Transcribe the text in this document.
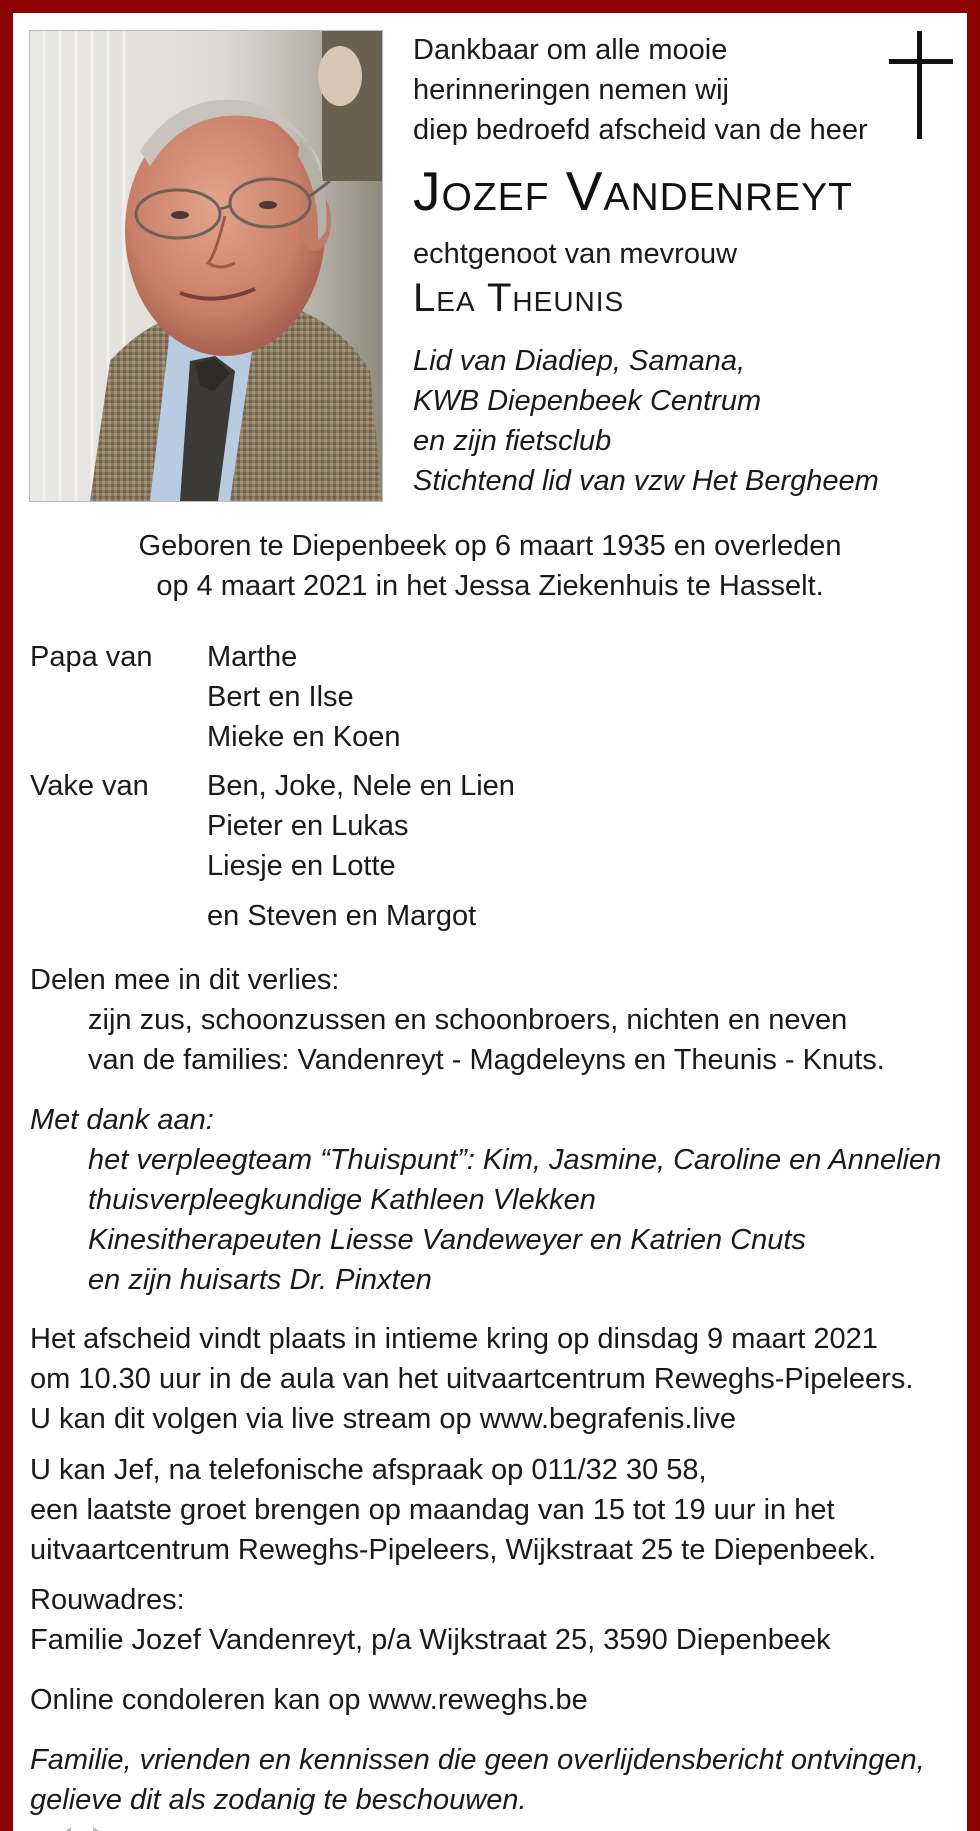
Dankbaar om alle mooie
herinneringen nemen wij
diep bedroefd afscheid van de heer
Jozef Vandenreyt
echtgenoot van mevrouw
Lea Theunis
Lid van Diadiep, Samana,
KWB Diepenbeek Centrum
en zijn fietsclub
Stichtend lid van vzw Het Bergheem
Geboren te Diepenbeek op 6 maart 1935 en overleden
op 4 maart 2021 in het Jessa Ziekenhuis te Hasselt.
Papa van Marthe
Bert en Ilse
Mieke en Koen
Vake van Ben, Joke, Nele en Lien
Pieter en Lukas
Liesje en Lotte
en Steven en Margot
Delen mee in dit verlies:
zijn zus, schoonzussen en schoonbroers, nichten en neven
van de families: Vandenreyt - Magdeleyns en Theunis - Knuts.
Met dank aan:
het verpleegteam “Thuispunt”: Kim, Jasmine, Caroline en Annelien
thuisverpleegkundige Kathleen Vlekken
Kinesitherapeuten Liesse Vandeweyer en Katrien Cnuts
en zijn huisarts Dr. Pinxten
Het afscheid vindt plaats in intieme kring op dinsdag 9 maart 2021
om 10.30 uur in de aula van het uitvaartcentrum Reweghs-Pipeleers.
U kan dit volgen via live stream op www.begrafenis.live
U kan Jef, na telefonische afspraak op 011/32 30 58,
een laatste groet brengen op maandag van 15 tot 19 uur in het
uitvaartcentrum Reweghs-Pipeleers, Wijkstraat 25 te Diepenbeek.
Rouwadres:
Familie Jozef Vandenreyt, p/a Wijkstraat 25, 3590 Diepenbeek
Online condoleren kan op www.reweghs.be
Familie, vrienden en kennissen die geen overlijdensbericht ontvingen,
gelieve dit als zodanig te beschouwen.
